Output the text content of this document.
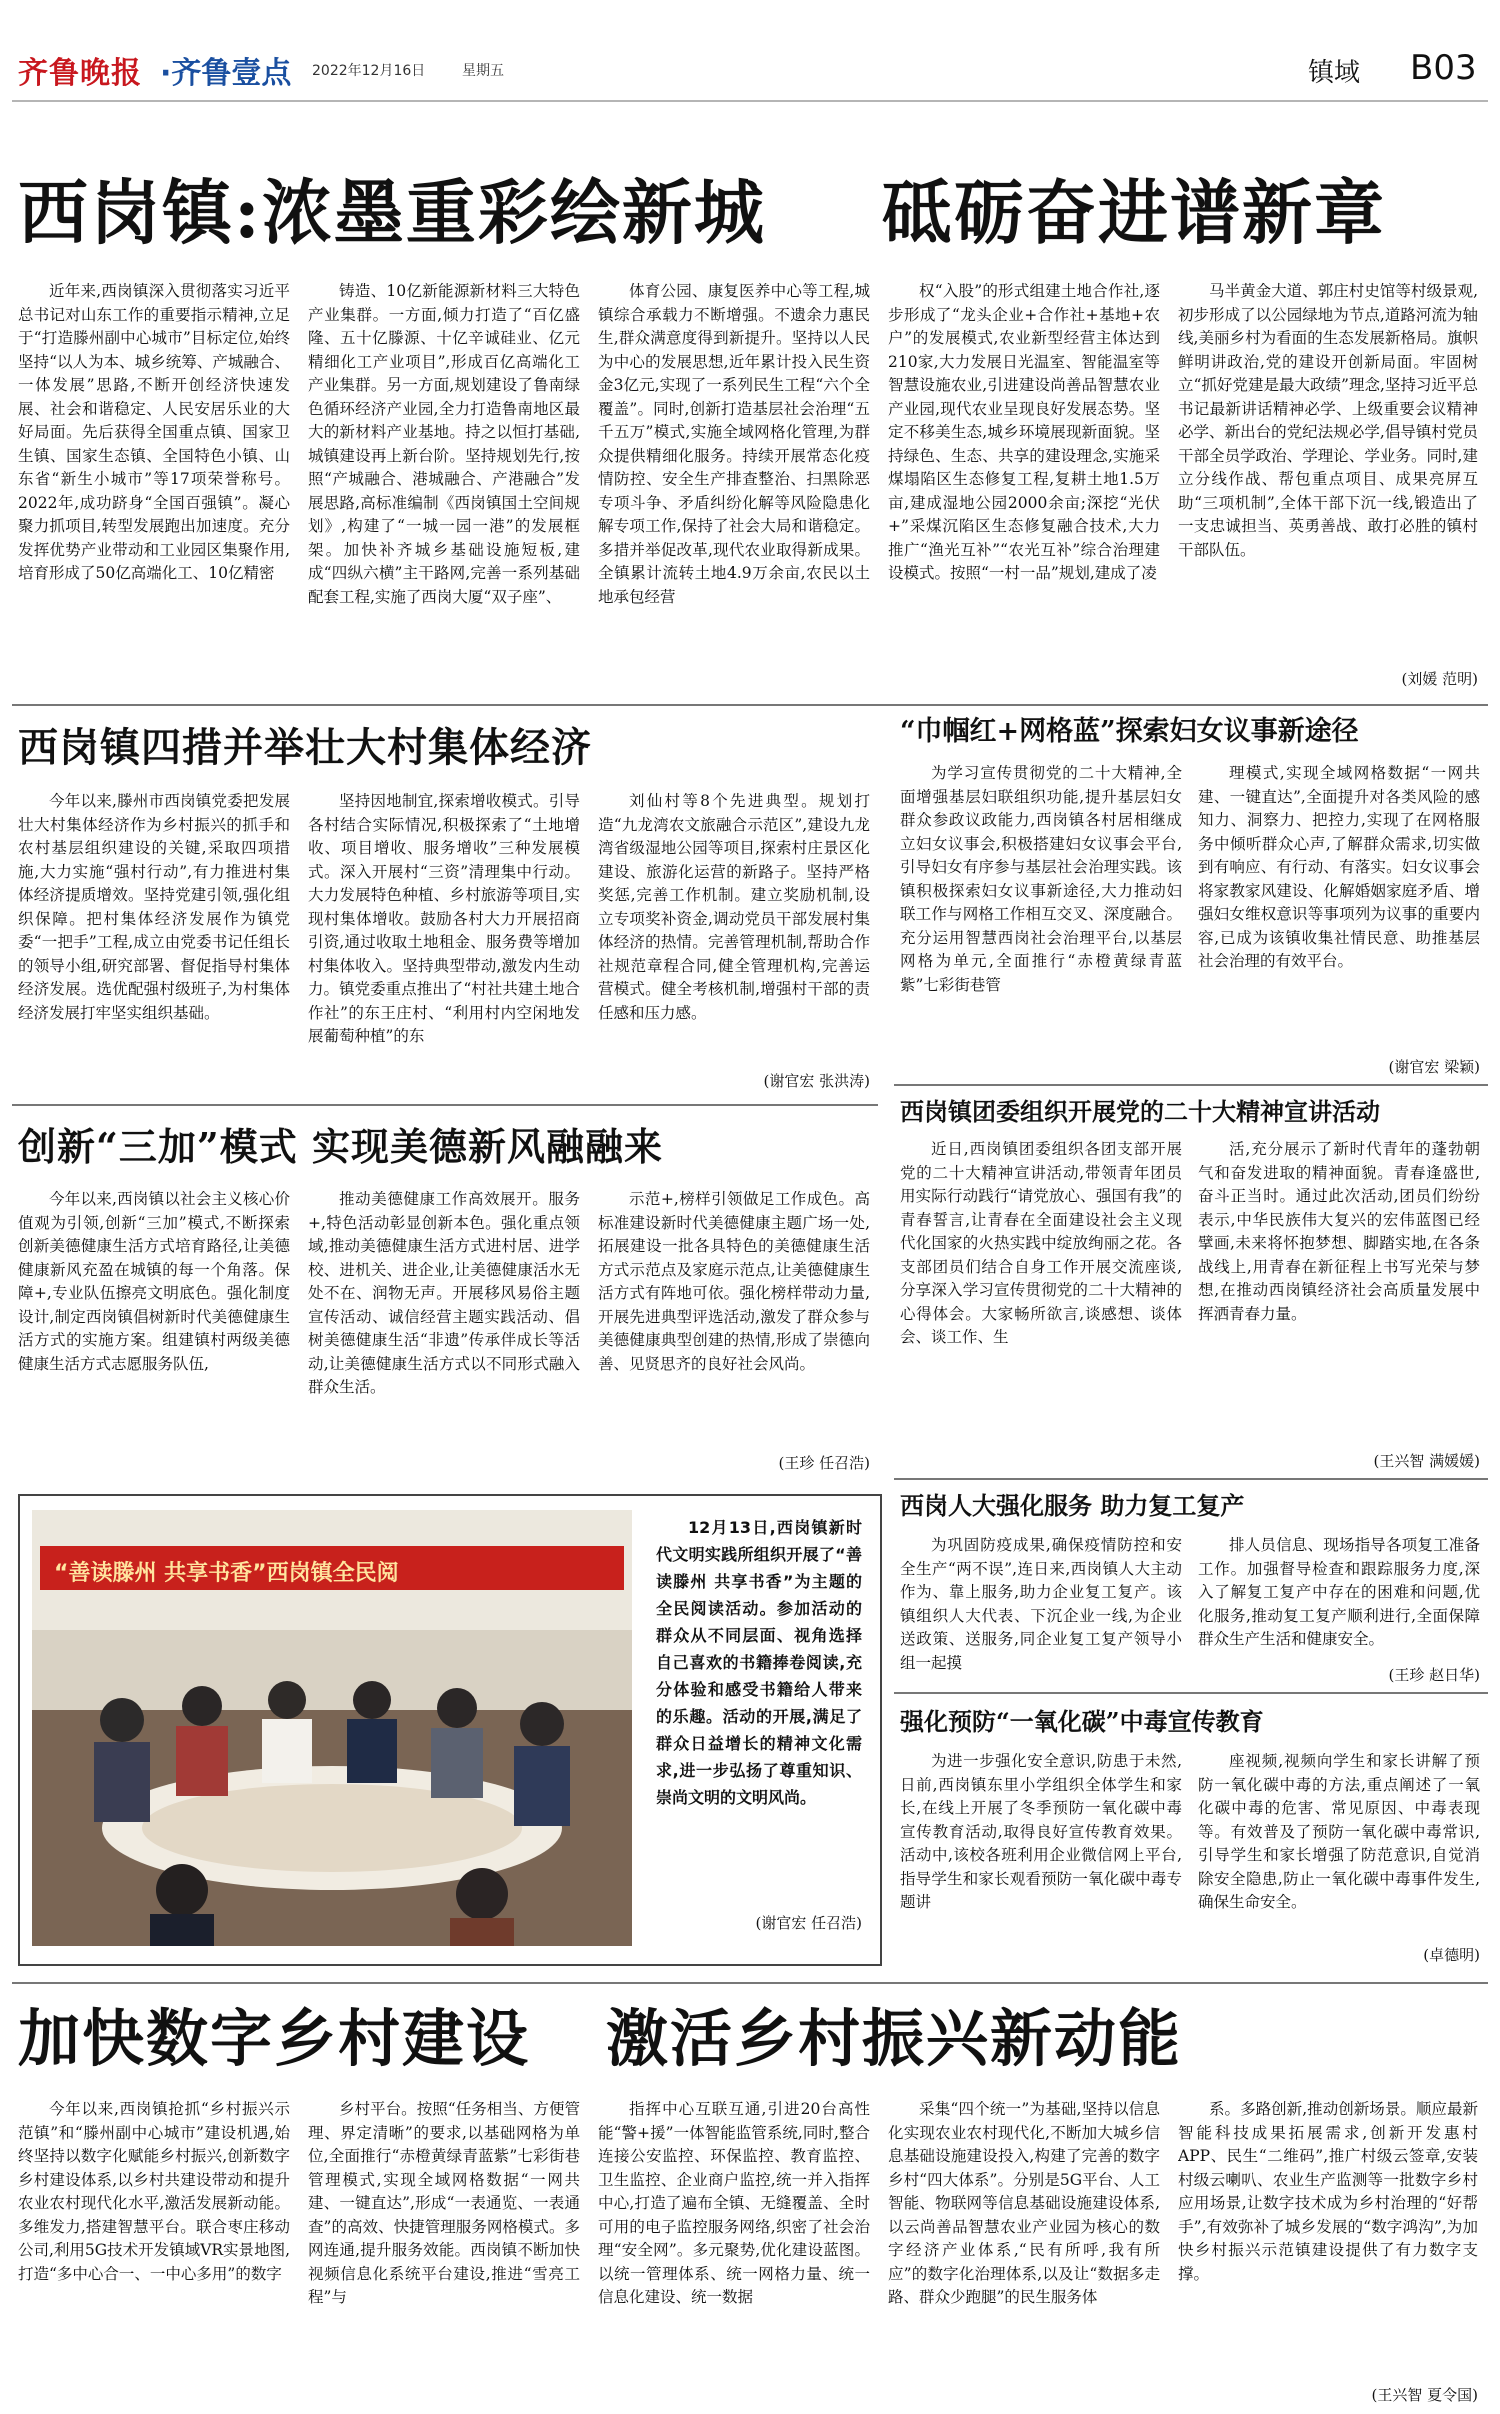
齐鲁晚报 ·齐鲁壹点 2022年12月16日	星期五	镇域 B03
西岗镇:浓墨重彩绘新城 砥砺奋进谱新章

近年来,西岗镇深入贯彻落实习近平总书记对山东工作的重要指示精神,立足于“打造滕州副中心城市”目标定位,始终坚持“以人为本、城乡统筹、产城融合、一体发展”思路,不断开创经济快速发展、社会和谐稳定、人民安居乐业的大好局面。先后获得全国重点镇、国家卫生镇、国家生态镇、全国特色小镇、山东省“新生小城市”等17项荣誉称号。2022年,成功跻身“全国百强镇”。凝心聚力抓项目,转型发展跑出加速度。充分发挥优势产业带动和工业园区集聚作用,培育形成了50亿高端化工、10亿精密

铸造、10亿新能源新材料三大特色产业集群。一方面,倾力打造了“百亿盛隆、五十亿滕源、十亿辛诚硅业、亿元精细化工产业项目”,形成百亿高端化工产业集群。另一方面,规划建设了鲁南绿色循环经济产业园,全力打造鲁南地区最大的新材料产业基地。持之以恒打基础,城镇建设再上新台阶。坚持规划先行,按照“产城融合、港城融合、产港融合”发展思路,高标准编制《西岗镇国土空间规划》,构建了“一城一园一港”的发展框架。加快补齐城乡基础设施短板,建成“四纵六横”主干路网,完善一系列基础配套工程,实施了西岗大厦“双子座”、

体育公园、康复医养中心等工程,城镇综合承载力不断增强。不遗余力惠民生,群众满意度得到新提升。坚持以人民为中心的发展思想,近年累计投入民生资金3亿元,实现了一系列民生工程“六个全覆盖”。同时,创新打造基层社会治理“五千五万”模式,实施全域网格化管理,为群众提供精细化服务。持续开展常态化疫情防控、安全生产排查整治、扫黑除恶专项斗争、矛盾纠纷化解等风险隐患化解专项工作,保持了社会大局和谐稳定。多措并举促改革,现代农业取得新成果。全镇累计流转土地4.9万余亩,农民以土地承包经营

权“入股”的形式组建土地合作社,逐步形成了“龙头企业+合作社+基地+农户”的发展模式,农业新型经营主体达到210家,大力发展日光温室、智能温室等智慧设施农业,引进建设尚善品智慧农业产业园,现代农业呈现良好发展态势。坚定不移美生态,城乡环境展现新面貌。坚持绿色、生态、共享的建设理念,实施采煤塌陷区生态修复工程,复耕土地1.5万亩,建成湿地公园2000余亩;深挖“光伏+”采煤沉陷区生态修复融合技术,大力推广“渔光互补”“农光互补”综合治理建设模式。按照“一村一品”规划,建成了凌

马半黄金大道、郭庄村史馆等村级景观,初步形成了以公园绿地为节点,道路河流为轴线,美丽乡村为看面的生态发展新格局。旗帜鲜明讲政治,党的建设开创新局面。牢固树立“抓好党建是最大政绩”理念,坚持习近平总书记最新讲话精神必学、上级重要会议精神必学、新出台的党纪法规必学,倡导镇村党员干部全员学政治、学理论、学业务。同时,建立分线作战、帮包重点项目、成果亮屏互助“三项机制”,全体干部下沉一线,锻造出了一支忠诚担当、英勇善战、敢打必胜的镇村干部队伍。

(刘媛 范明)
西岗镇四措并举壮大村集体经济

今年以来,滕州市西岗镇党委把发展壮大村集体经济作为乡村振兴的抓手和农村基层组织建设的关键,采取四项措施,大力实施“强村行动”,有力推进村集体经济提质增效。坚持党建引领,强化组织保障。把村集体经济发展作为镇党委“一把手”工程,成立由党委书记任组长的领导小组,研究部署、督促指导村集体经济发展。选优配强村级班子,为村集体经济发展打牢坚实组织基础。

坚持因地制宜,探索增收模式。引导各村结合实际情况,积极探索了“土地增收、项目增收、服务增收”三种发展模式。深入开展村“三资”清理集中行动。大力发展特色种植、乡村旅游等项目,实现村集体增收。鼓励各村大力开展招商引资,通过收取土地租金、服务费等增加村集体收入。坚持典型带动,激发内生动力。镇党委重点推出了“村社共建土地合作社”的东王庄村、“利用村内空闲地发展葡萄种植”的东

刘仙村等8个先进典型。规划打造“九龙湾农文旅融合示范区”,建设九龙湾省级湿地公园等项目,探索村庄景区化建设、旅游化运营的新路子。坚持严格奖惩,完善工作机制。建立奖励机制,设立专项奖补资金,调动党员干部发展村集体经济的热情。完善管理机制,帮助合作社规范章程合同,健全管理机构,完善运营模式。健全考核机制,增强村干部的责任感和压力感。

(谢官宏 张洪涛)
“巾帼红+网格蓝”探索妇女议事新途径

为学习宣传贯彻党的二十大精神,全面增强基层妇联组织功能,提升基层妇女群众参政议政能力,西岗镇各村居相继成立妇女议事会,积极搭建妇女议事会平台,引导妇女有序参与基层社会治理实践。该镇积极探索妇女议事新途径,大力推动妇联工作与网格工作相互交叉、深度融合。充分运用智慧西岗社会治理平台,以基层网格为单元,全面推行“赤橙黄绿青蓝紫”七彩街巷管

理模式,实现全域网格数据“一网共建、一键直达”,全面提升对各类风险的感知力、洞察力、把控力,实现了在网格服务中倾听群众心声,了解群众需求,切实做到有响应、有行动、有落实。妇女议事会将家教家风建设、化解婚姻家庭矛盾、增强妇女维权意识等事项列为议事的重要内容,已成为该镇收集社情民意、助推基层社会治理的有效平台。

(谢官宏 梁颖)
西岗镇团委组织开展党的二十大精神宣讲活动

近日,西岗镇团委组织各团支部开展党的二十大精神宣讲活动,带领青年团员用实际行动践行“请党放心、强国有我”的青春誓言,让青春在全面建设社会主义现代化国家的火热实践中绽放绚丽之花。各支部团员们结合自身工作开展交流座谈,分享深入学习宣传贯彻党的二十大精神的心得体会。大家畅所欲言,谈感想、谈体会、谈工作、生

活,充分展示了新时代青年的蓬勃朝气和奋发进取的精神面貌。青春逢盛世,奋斗正当时。通过此次活动,团员们纷纷表示,中华民族伟大复兴的宏伟蓝图已经擘画,未来将怀抱梦想、脚踏实地,在各条战线上,用青春在新征程上书写光荣与梦想,在推动西岗镇经济社会高质量发展中挥洒青春力量。

(王兴智 满媛媛)
创新“三加”模式 实现美德新风融融来

今年以来,西岗镇以社会主义核心价值观为引领,创新“三加”模式,不断探索创新美德健康生活方式培育路径,让美德健康新风充盈在城镇的每一个角落。保障+,专业队伍擦亮文明底色。强化制度设计,制定西岗镇倡树新时代美德健康生活方式的实施方案。组建镇村两级美德健康生活方式志愿服务队伍,

推动美德健康工作高效展开。服务+,特色活动彰显创新本色。强化重点领域,推动美德健康生活方式进村居、进学校、进机关、进企业,让美德健康活水无处不在、润物无声。开展移风易俗主题宣传活动、诚信经营主题实践活动、倡树美德健康生活“非遗”传承伴成长等活动,让美德健康生活方式以不同形式融入群众生活。

示范+,榜样引领做足工作成色。高标准建设新时代美德健康主题广场一处,拓展建设一批各具特色的美德健康生活方式示范点及家庭示范点,让美德健康生活方式有阵地可依。强化榜样带动力量,开展先进典型评选活动,激发了群众参与美德健康典型创建的热情,形成了崇德向善、见贤思齐的良好社会风尚。

(王珍 任召浩)
“善读滕州 共享书香”西岗镇全民阅

12月13日,西岗镇新时代文明实践所组织开展了“善读滕州 共享书香”为主题的全民阅读活动。参加活动的群众从不同层面、视角选择自己喜欢的书籍捧卷阅读,充分体验和感受书籍给人带来的乐趣。活动的开展,满足了群众日益增长的精神文化需求,进一步弘扬了尊重知识、崇尚文明的文明风尚。

(谢官宏 任召浩)
西岗人大强化服务 助力复工复产

为巩固防疫成果,确保疫情防控和安全生产“两不误”,连日来,西岗镇人大主动作为、靠上服务,助力企业复工复产。该镇组织人大代表、下沉企业一线,为企业送政策、送服务,同企业复工复产领导小组一起摸

排人员信息、现场指导各项复工准备工作。加强督导检查和跟踪服务力度,深入了解复工复产中存在的困难和问题,优化服务,推动复工复产顺利进行,全面保障群众生产生活和健康安全。

(王珍 赵日华)
强化预防“一氧化碳”中毒宣传教育

为进一步强化安全意识,防患于未然,日前,西岗镇东里小学组织全体学生和家长,在线上开展了冬季预防一氧化碳中毒宣传教育活动,取得良好宣传教育效果。活动中,该校各班利用企业微信网上平台,指导学生和家长观看预防一氧化碳中毒专题讲

座视频,视频向学生和家长讲解了预防一氧化碳中毒的方法,重点阐述了一氧化碳中毒的危害、常见原因、中毒表现等。有效普及了预防一氧化碳中毒常识,引导学生和家长增强了防范意识,自觉消除安全隐患,防止一氧化碳中毒事件发生,确保生命安全。

(卓德明)
加快数字乡村建设 激活乡村振兴新动能

今年以来,西岗镇抢抓“乡村振兴示范镇”和“滕州副中心城市”建设机遇,始终坚持以数字化赋能乡村振兴,创新数字乡村建设体系,以乡村共建设带动和提升农业农村现代化水平,激活发展新动能。多维发力,搭建智慧平台。联合枣庄移动公司,利用5G技术开发镇域VR实景地图,打造“多中心合一、一中心多用”的数字

乡村平台。按照“任务相当、方便管理、界定清晰”的要求,以基础网格为单位,全面推行“赤橙黄绿青蓝紫”七彩街巷管理模式,实现全域网格数据“一网共建、一键直达”,形成“一表通览、一表通查”的高效、快捷管理服务网格模式。多网连通,提升服务效能。西岗镇不断加快视频信息化系统平台建设,推进“雪亮工程”与

指挥中心互联互通,引进20台高性能“警+援”一体智能监管系统,同时,整合连接公安监控、环保监控、教育监控、卫生监控、企业商户监控,统一并入指挥中心,打造了遍布全镇、无缝覆盖、全时可用的电子监控服务网络,织密了社会治理“安全网”。多元聚势,优化建设蓝图。以统一管理体系、统一网格力量、统一信息化建设、统一数据

采集“四个统一”为基础,坚持以信息化实现农业农村现代化,不断加大城乡信息基础设施建设投入,构建了完善的数字乡村“四大体系”。分别是5G平台、人工智能、物联网等信息基础设施建设体系,以云尚善品智慧农业产业园为核心的数字经济产业体系,“民有所呼,我有所应”的数字化治理体系,以及让“数据多走路、群众少跑腿”的民生服务体

系。多路创新,推动创新场景。顺应最新智能科技成果拓展需求,创新开发惠村APP、民生“二维码”,推广村级云签章,安装村级云喇叭、农业生产监测等一批数字乡村应用场景,让数字技术成为乡村治理的“好帮手”,有效弥补了城乡发展的“数字鸿沟”,为加快乡村振兴示范镇建设提供了有力数字支撑。

(王兴智 夏令国)
